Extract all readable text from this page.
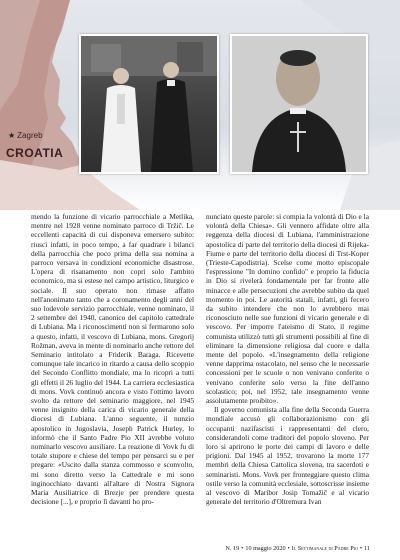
★ Zagreb
CROATIA

mendo la funzione di vicario parrocchiale a Metlika, mentre nel 1928 venne nominato parroco di Tržič. Le eccellenti capacità di cui disponeva emersero subito: riusci infatti, in poco tempo, a far quadrare i bilanci della parrocchia che poco prima della sua nomina a parroco versava in condizioni economiche disastrose. L'opera di risanamento non copri solo l'ambito economico, ma si estese nel campo artistico, liturgico e sociale. Il suo operato non rimase affatto nell'anonimato tanto che a coronamento degli anni del suo lodevole servizio parrocchiale, venne nominato, il 2 settembre del 1940, canonico del capitolo cattedrale di Lubiana. Ma i riconoscimenti non si fermarono solo a questo, infatti, il vescovo di Lubiana, mons. Gregorij Rožman, aveva in mente di nominarlo anche rettore del Seminario intitolato a Friderik Baraga. Ricevette comunque tale incarico in ritardo a causa dello scoppio del Secondo Conflitto mondiale, ma lo ricopri a tutti gli effetti il 26 luglio del 1944. La carriera ecclesiastica di mons. Vovk continuò ancora e visto l'ottimo lavoro svolto da rettore del seminario maggiore, nel 1945 venne insignito della carica di vicario generale della diocesi di Lubiana. L'anno seguente, il nunzio apostolico in Jugoslavia, Joseph Patrick Hurley, lo informò che il Santo Padre Pio XII avrebbe voluto nominarlo vescovo ausiliare. La reazione di Vovk fu di totale stupore e chiese del tempo per pensarci su e per pregare: «Uscito dalla stanza commosso e sconvolto, mi sono diretto verso la Cattedrale e mi sono inginocchiato davanti all'altare di Nostra Signora Maria Ausiliatrice di Brezje per prendere questa decisione [...], e proprio lì davanti ho pro-

nunciato queste parole: si compia la volontà di Dio e la volontà della Chiesa». Gli vennero affidate oltre alla reggenza della diocesi di Lubiana, l'amministrazione apostolica di parte del territorio della diocesi di Rijeka-Fiume e parte del territorio della diocesi di Trst-Koper (Trieste-Capodistria). Scelse come motto episcopale l'espressione "In domino confido" e proprio la fiducia in Dio si rivelerà fondamentale per far fronte alle minacce e alle persecuzioni che avrebbe subito da quel momento in poi. Le autorità statali, infatti, gli fecero da subito intendere che non lo avrebbero mai riconosciuto nelle sue funzioni di vicario generale e di vescovo. Per imporre l'ateismo di Stato, il regime comunista utilizzò tutti gli strumenti possibili al fine di eliminare la dimensione religiosa dal cuore e dalla mente del popolo. «L'insegnamento della religione venne dapprima ostacolato, nel senso che le necessarie concessioni per le scuole o non venivano conferite o venivano conferite solo verso la fine dell'anno scolastico; poi, nel 1952, tale insegnamento venne assolutamente proibito».

Il governo comunista alla fine della Seconda Guerra mondiale accusò gli collaborazionismo con gli occupanti nazifascisti i rappresentanti del clero, considerandoli come traditori del popolo sloveno. Per loro si aprirono le porte dei campi di lavoro e delle prigioni. Dal 1945 al 1952, trovarono la morte 177 membri della Chiesa Cattolica slovena, tra sacerdoti e seminaristi. Mons. Vovk per fronteggiare questo clima ostile verso la comunità ecclesiale, sottoscrisse insieme al vescovo di Maribor Josip Tomažič e al vicario generale del territorio d'Oltremura Ivan

N. 19 • 10 maggio 2020 • Il Settimanale di Padre Pio • 11
